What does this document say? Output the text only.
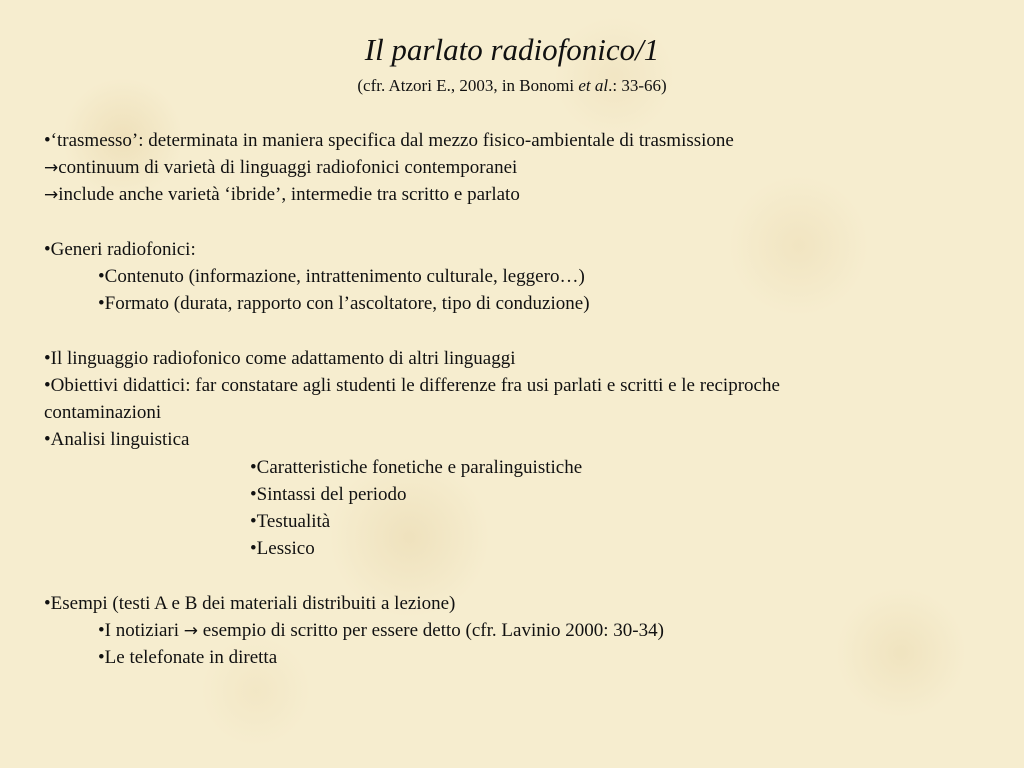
Il parlato radiofonico/1
(cfr. Atzori E., 2003, in Bonomi et al.: 33-66)
•‘trasmesso’: determinata in maniera specifica dal mezzo fisico-ambientale di trasmissione
→continuum di varietà di linguaggi radiofonici contemporanei
→include anche varietà ‘ibride’, intermedie tra scritto e parlato
•Generi radiofonici:
•Contenuto (informazione, intrattenimento culturale, leggero…)
•Formato (durata, rapporto con l’ascoltatore, tipo di conduzione)
•Il linguaggio radiofonico come adattamento di altri linguaggi
•Obiettivi didattici: far constatare agli studenti le differenze fra usi parlati e scritti e le reciproche
contaminazioni
•Analisi linguistica
•Caratteristiche fonetiche e paralinguistiche
•Sintassi del periodo
•Testualità
•Lessico
•Esempi (testi A e B dei materiali distribuiti a lezione)
•I notiziari → esempio di scritto per essere detto (cfr. Lavinio 2000: 30-34)
•Le telefonate in diretta
